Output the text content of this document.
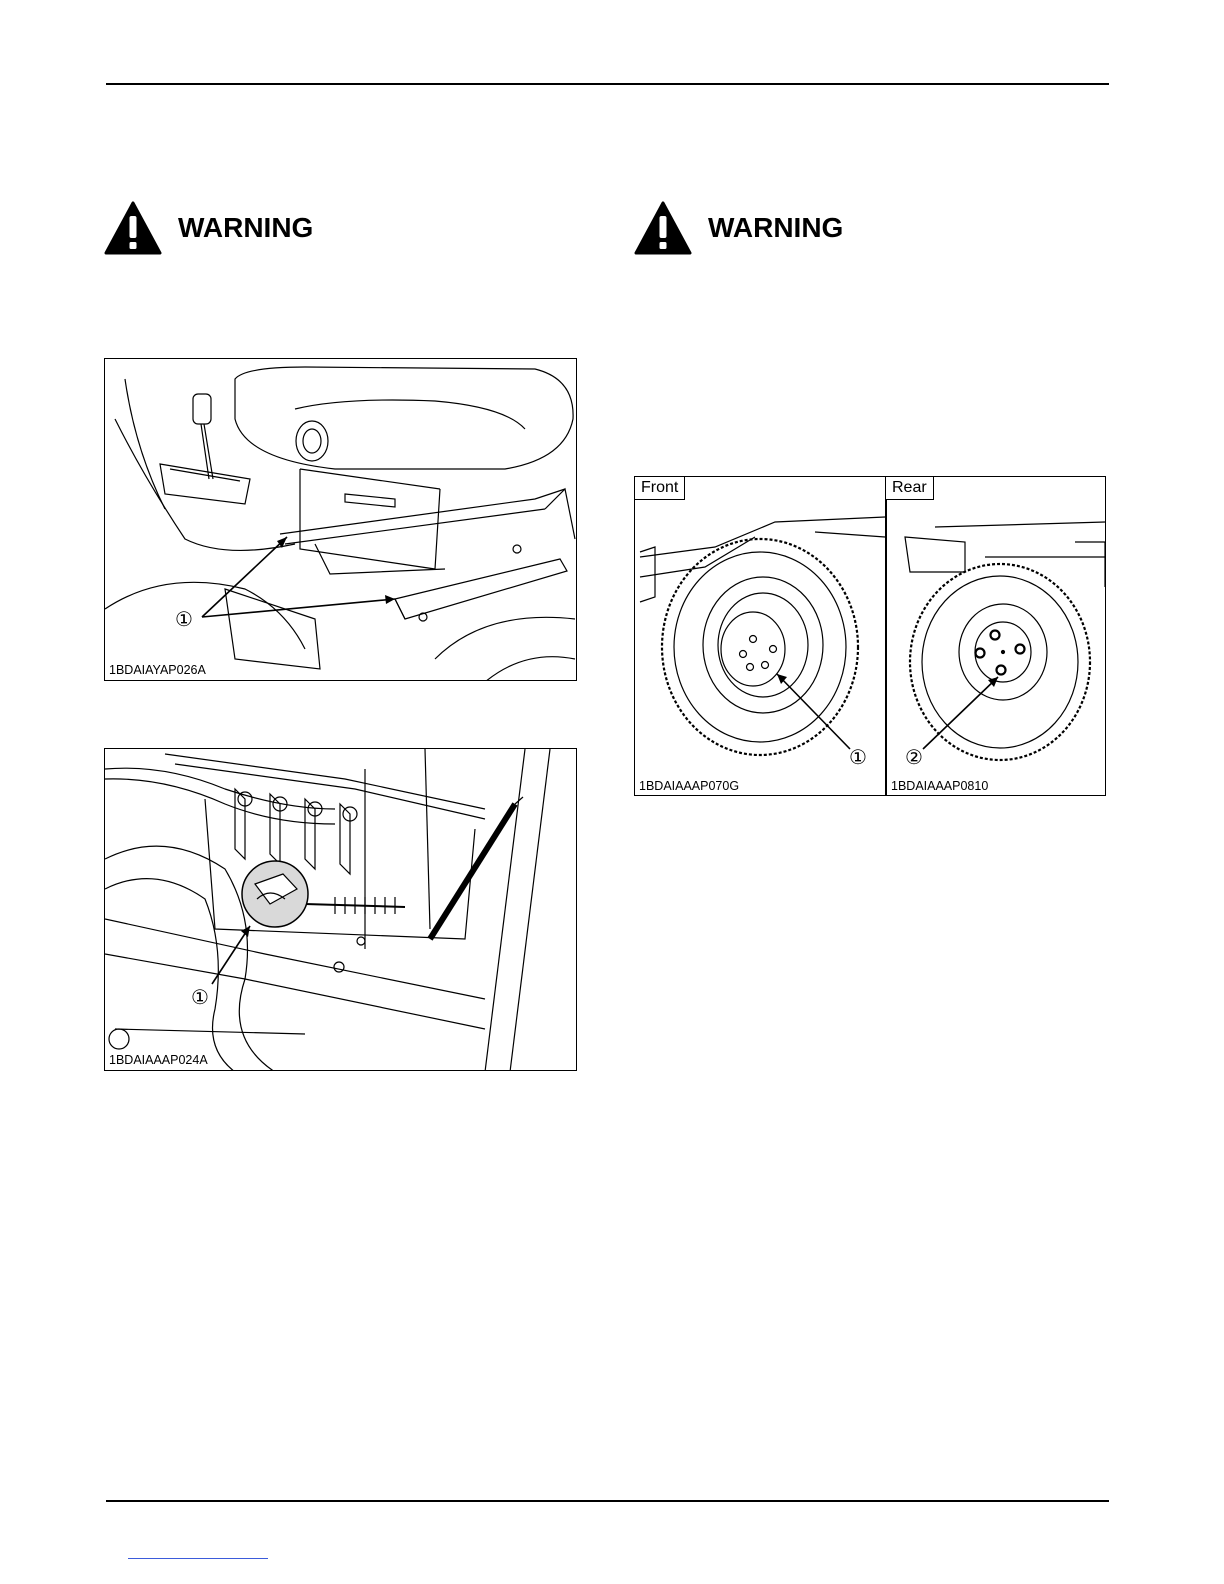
WARNING	WARNING
①
1BDAIAYAP026A
①
1BDAIAAAP024A
Front	Rear
① ②
1BDAIAAAP070G	1BDAIAAAP0810
